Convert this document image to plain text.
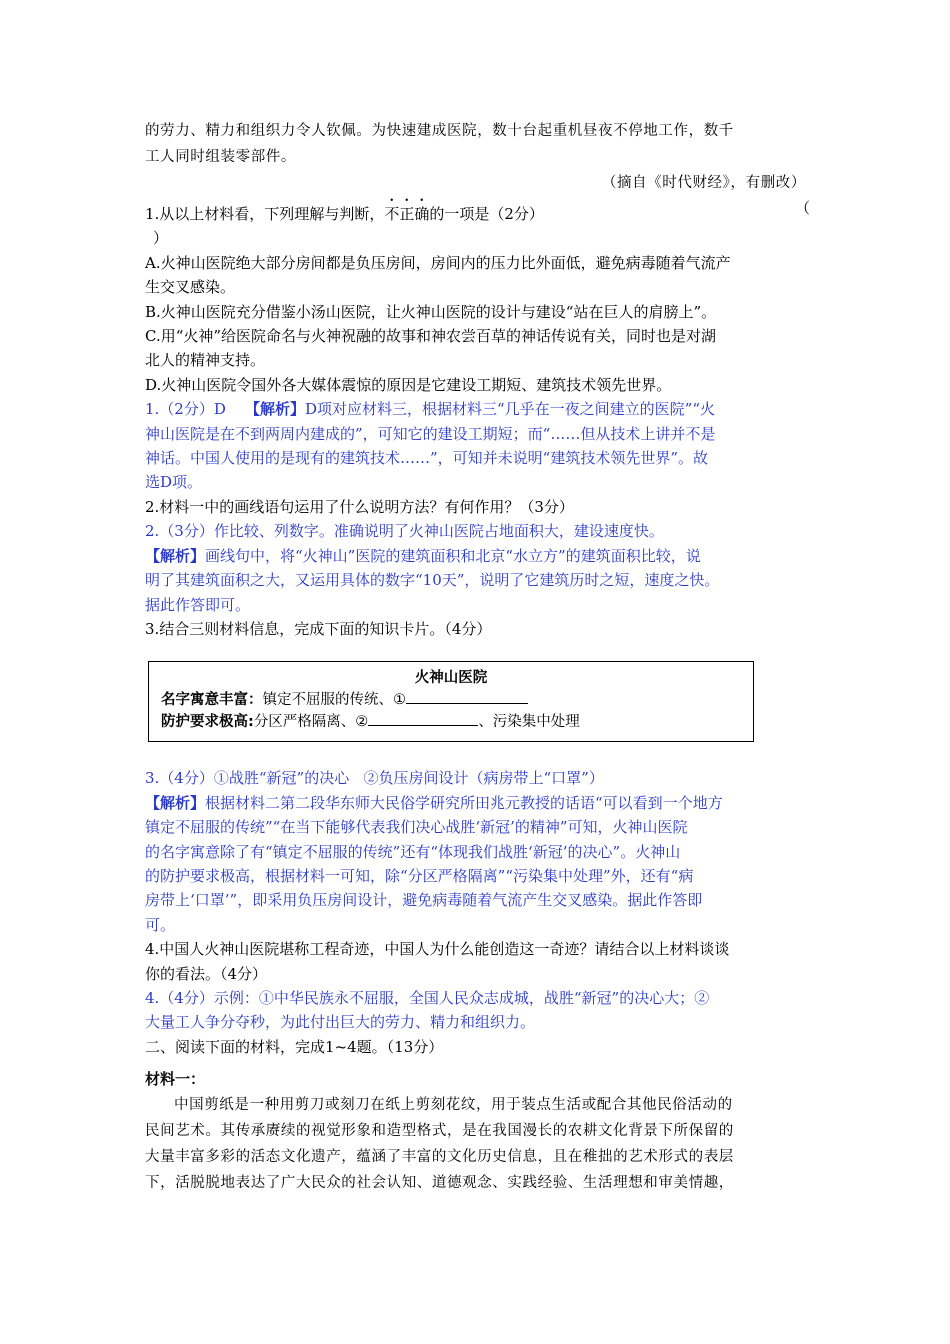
的劳力、精力和组织力令人钦佩。为快速建成医院，数十台起重机昼夜不停地工作，数千
工人同时组装零部件。
（摘自《时代财经》，有删改）
1.从以上材料看，下列理解与判断，不正确的一项是（2分）	（
）
A.火神山医院绝大部分房间都是负压房间，房间内的压力比外面低，避免病毒随着气流产
生交叉感染。
B.火神山医院充分借鉴小汤山医院，让火神山医院的设计与建设“站在巨人的肩膀上”。
C.用“火神”给医院命名与火神祝融的故事和神农尝百草的神话传说有关，同时也是对湖
北人的精神支持。
D.火神山医院令国外各大媒体震惊的原因是它建设工期短、建筑技术领先世界。
1.（2分）D 【解析】D项对应材料三，根据材料三“几乎在一夜之间建立的医院”“火
神山医院是在不到两周内建成的”，可知它的建设工期短；而“……但从技术上讲并不是
神话。中国人使用的是现有的建筑技术……”，可知并未说明“建筑技术领先世界”。故
选D项。
2.材料一中的画线语句运用了什么说明方法？有何作用？（3分）
2.（3分）作比较、列数字。准确说明了火神山医院占地面积大，建设速度快。
【解析】画线句中，将“火神山”医院的建筑面积和北京“水立方”的建筑面积比较，说
明了其建筑面积之大，又运用具体的数字“10天”，说明了它建筑历时之短，速度之快。
据此作答即可。
3.结合三则材料信息，完成下面的知识卡片。（4分）
火神山医院
名字寓意丰富：镇定不屈服的传统、①
防护要求极高:分区严格隔离、②	、污染集中处理
3.（4分）①战胜“新冠”的决心   ②负压房间设计（病房带上“口罩”）
【解析】根据材料二第二段华东师大民俗学研究所田兆元教授的话语“可以看到一个地方
镇定不屈服的传统”“在当下能够代表我们决心战胜‘新冠’的精神”可知，火神山医院
的名字寓意除了有“镇定不屈服的传统”还有“体现我们战胜‘新冠’的决心”。火神山
的防护要求极高，根据材料一可知，除“分区严格隔离”“污染集中处理”外，还有“病
房带上‘口罩’”，即采用负压房间设计，避免病毒随着气流产生交叉感染。据此作答即
可。
4.中国人火神山医院堪称工程奇迹，中国人为什么能创造这一奇迹？请结合以上材料谈谈
你的看法。（4分）
4.（4分）示例：①中华民族永不屈服，全国人民众志成城，战胜“新冠”的决心大；②
大量工人争分夺秒，为此付出巨大的劳力、精力和组织力。
二、阅读下面的材料，完成1~4题。（13分）
材料一：
中国剪纸是一种用剪刀或刻刀在纸上剪刻花纹，用于装点生活或配合其他民俗活动的
民间艺术。其传承赓续的视觉形象和造型格式，是在我国漫长的农耕文化背景下所保留的
大量丰富多彩的活态文化遗产，蕴涵了丰富的文化历史信息，且在稚拙的艺术形式的表层
下，活脱脱地表达了广大民众的社会认知、道德观念、实践经验、生活理想和审美情趣，
